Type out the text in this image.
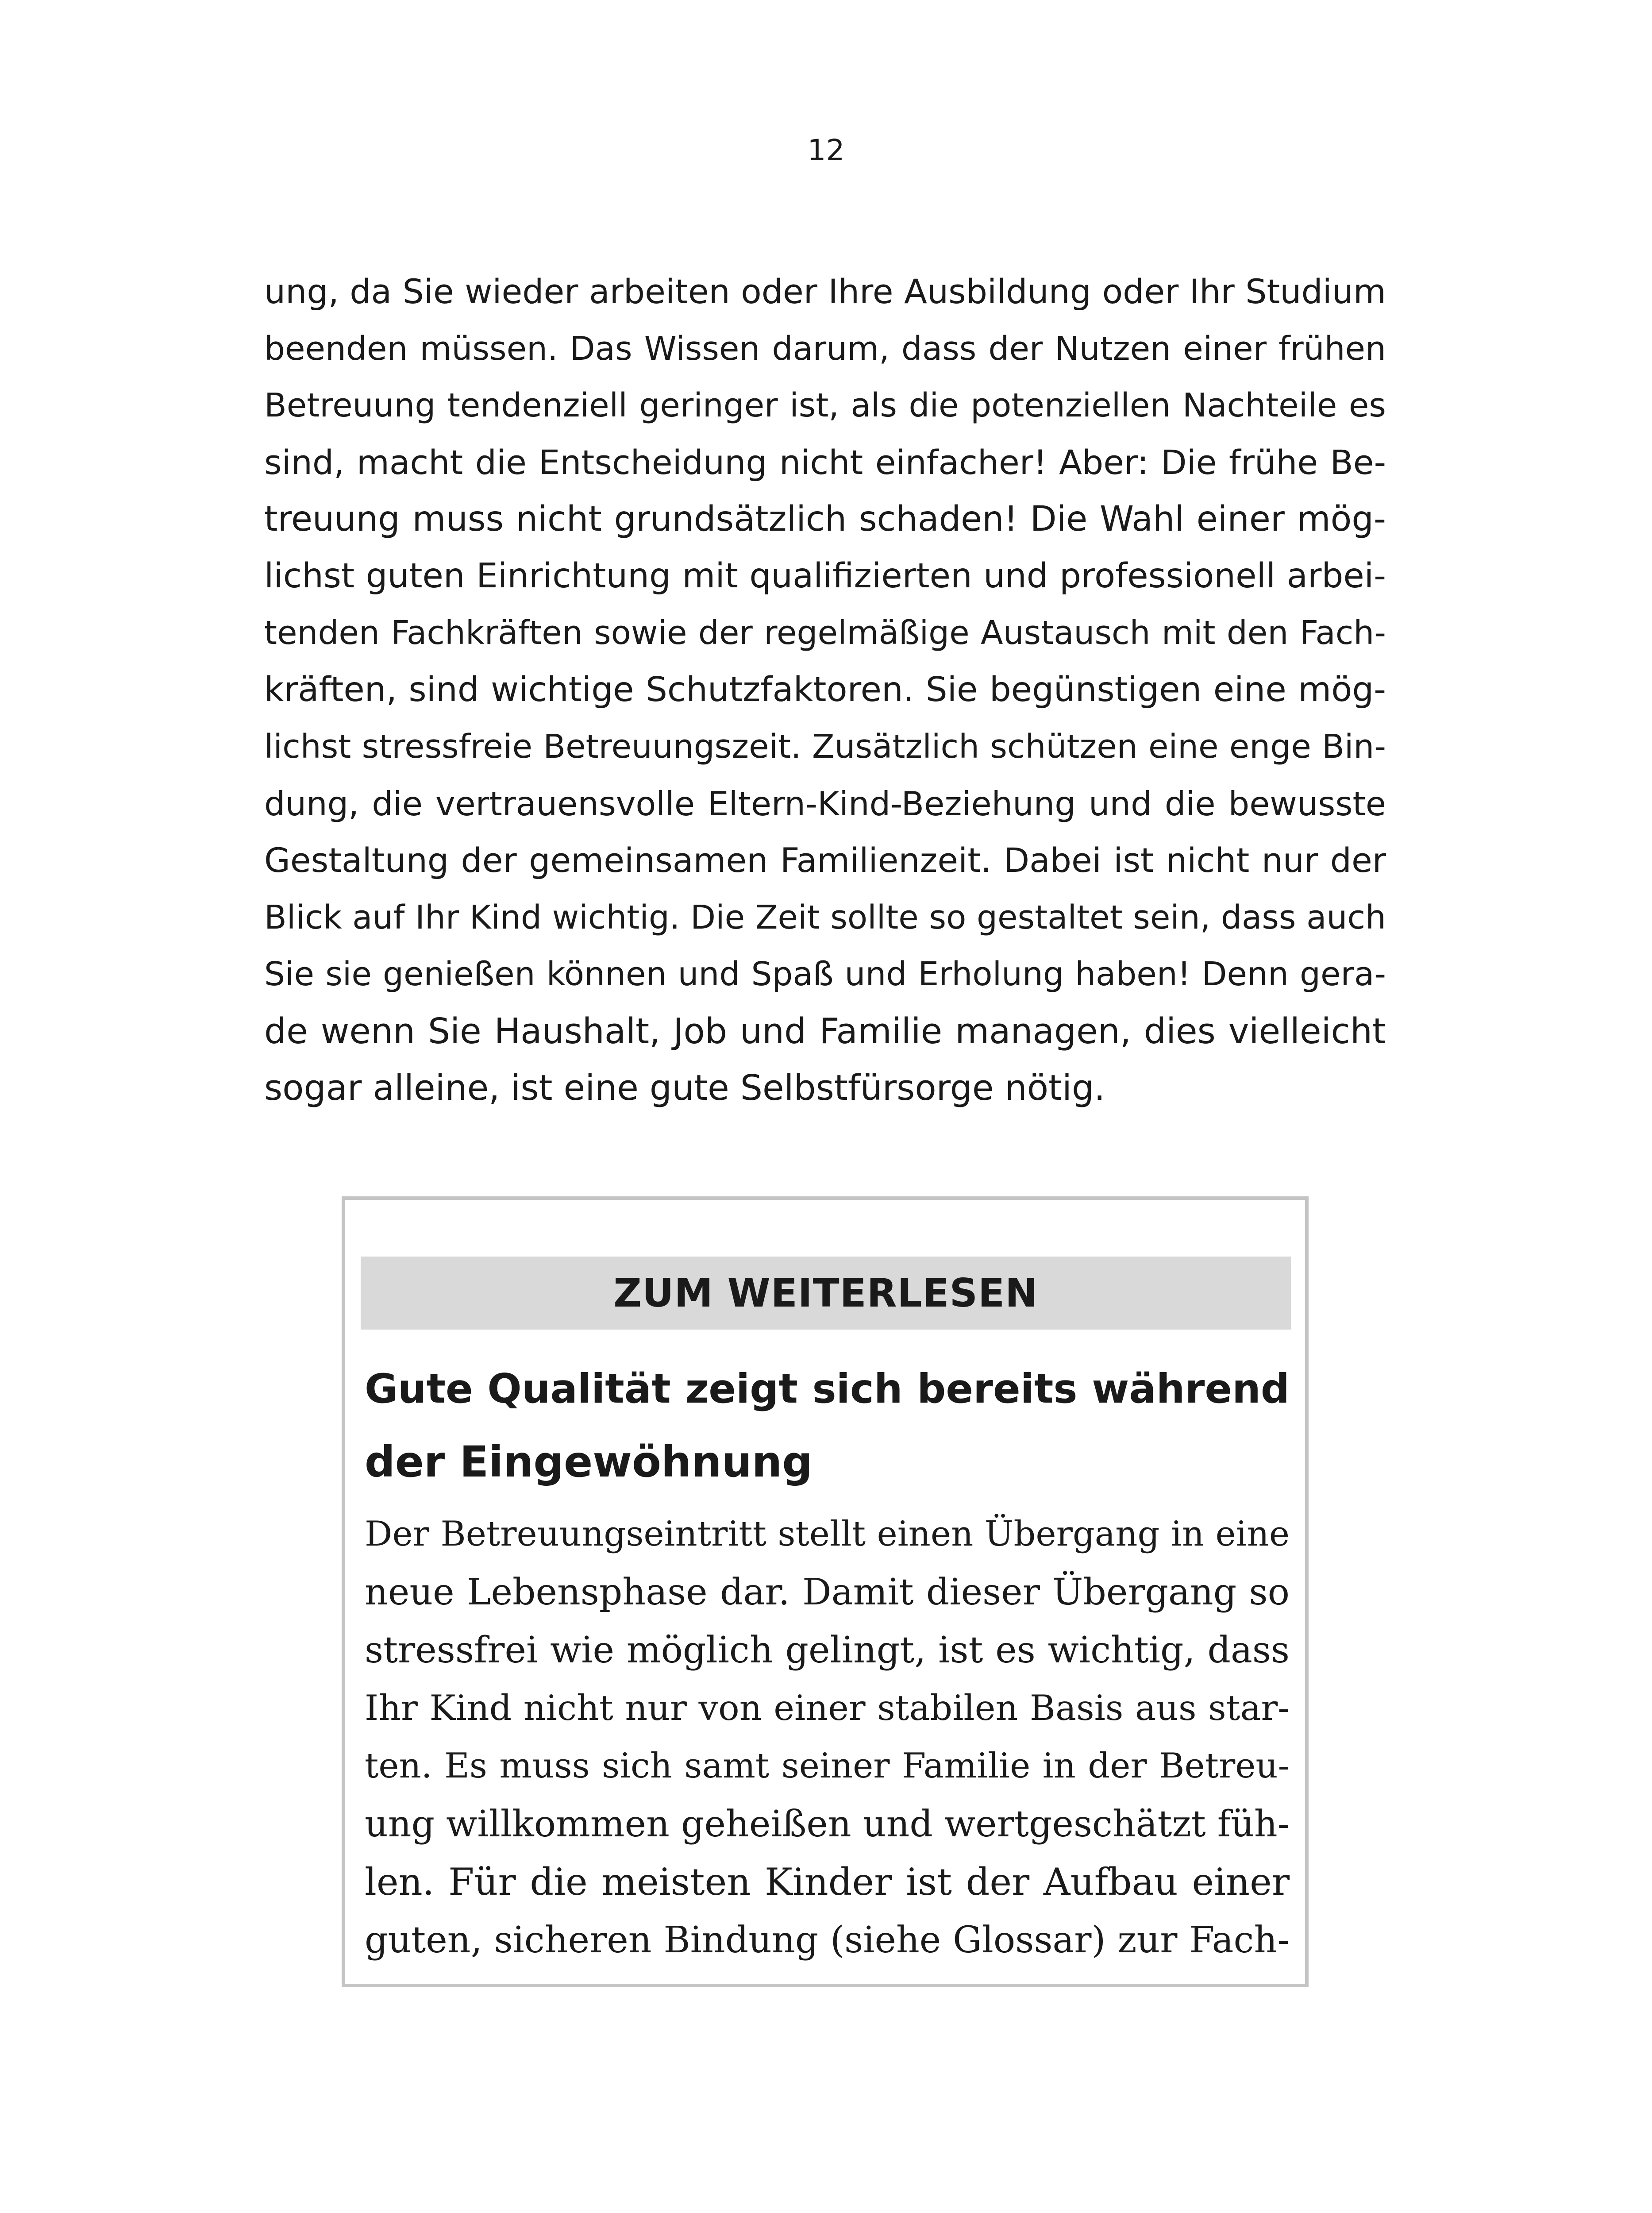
12
ung, da Sie wieder arbeiten oder Ihre Ausbildung oder Ihr Studium
beenden müssen. Das Wissen darum, dass der Nutzen einer frühen
Betreuung tendenziell geringer ist, als die potenziellen Nachteile es
sind, macht die Entscheidung nicht einfacher! Aber: Die frühe Be-
treuung muss nicht grundsätzlich schaden! Die Wahl einer mög-
lichst guten Einrichtung mit qualifizierten und professionell arbei-
tenden Fachkräften sowie der regelmäßige Austausch mit den Fach-
kräften, sind wichtige Schutzfaktoren. Sie begünstigen eine mög-
lichst stressfreie Betreuungszeit. Zusätzlich schützen eine enge Bin-
dung, die vertrauensvolle Eltern-Kind-Beziehung und die bewusste
Gestaltung der gemeinsamen Familienzeit. Dabei ist nicht nur der
Blick auf Ihr Kind wichtig. Die Zeit sollte so gestaltet sein, dass auch
Sie sie genießen können und Spaß und Erholung haben! Denn gera-
de wenn Sie Haushalt, Job und Familie managen, dies vielleicht
sogar alleine, ist eine gute Selbstfürsorge nötig.
ZUM WEITERLESEN
Gute Qualität zeigt sich bereits während
der Eingewöhnung
Der Betreuungseintritt stellt einen Übergang in eine
neue Lebensphase dar. Damit dieser Übergang so
stressfrei wie möglich gelingt, ist es wichtig, dass
Ihr Kind nicht nur von einer stabilen Basis aus star-
ten. Es muss sich samt seiner Familie in der Betreu-
ung willkommen geheißen und wertgeschätzt füh-
len. Für die meisten Kinder ist der Aufbau einer
guten, sicheren Bindung (siehe Glossar) zur Fach-
